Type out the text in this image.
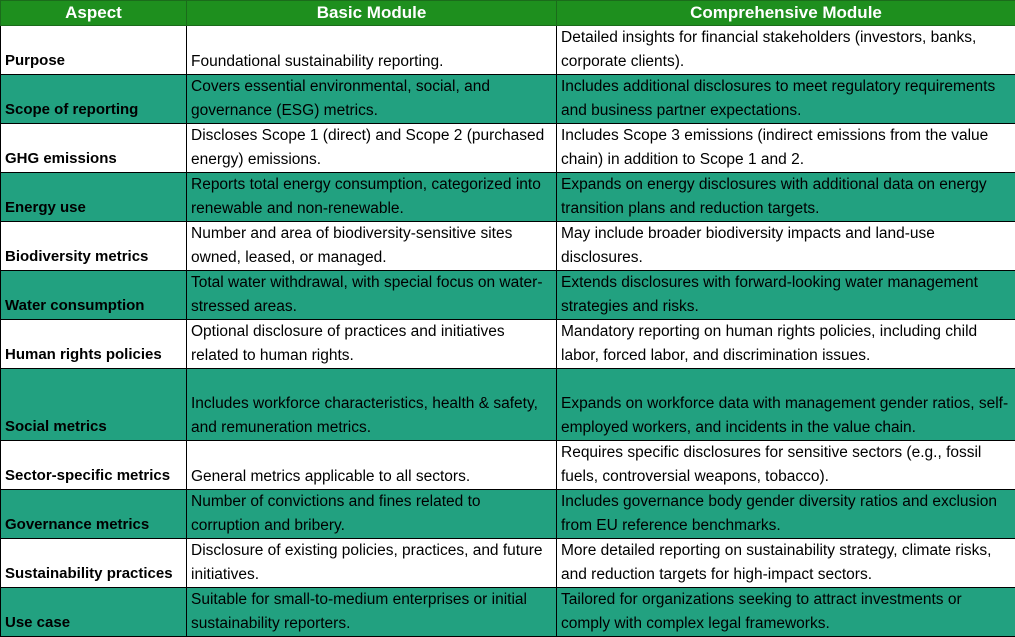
Aspect	Basic Module	Comprehensive Module
Purpose	Foundational sustainability reporting.	Detailed insights for financial stakeholders (investors, banks, corporate clients).
Scope of reporting	Covers essential environmental, social, and governance (ESG) metrics.	Includes additional disclosures to meet regulatory requirements and business partner expectations.
GHG emissions	Discloses Scope 1 (direct) and Scope 2 (purchased energy) emissions.	Includes Scope 3 emissions (indirect emissions from the value chain) in addition to Scope 1 and 2.
Energy use	Reports total energy consumption, categorized into renewable and non-renewable.	Expands on energy disclosures with additional data on energy transition plans and reduction targets.
Biodiversity metrics	Number and area of biodiversity-sensitive sites owned, leased, or managed.	May include broader biodiversity impacts and land-use disclosures.
Water consumption	Total water withdrawal, with special focus on water-stressed areas.	Extends disclosures with forward-looking water management strategies and risks.
Human rights policies	Optional disclosure of practices and initiatives related to human rights.	Mandatory reporting on human rights policies, including child labor, forced labor, and discrimination issues.
Social metrics	Includes workforce characteristics, health & safety, and remuneration metrics.	Expands on workforce data with management gender ratios, self-employed workers, and incidents in the value chain.
Sector-specific metrics	General metrics applicable to all sectors.	Requires specific disclosures for sensitive sectors (e.g., fossil fuels, controversial weapons, tobacco).
Governance metrics	Number of convictions and fines related to corruption and bribery.	Includes governance body gender diversity ratios and exclusion from EU reference benchmarks.
Sustainability practices	Disclosure of existing policies, practices, and future initiatives.	More detailed reporting on sustainability strategy, climate risks, and reduction targets for high-impact sectors.
Use case	Suitable for small-to-medium enterprises or initial sustainability reporters.	Tailored for organizations seeking to attract investments or comply with complex legal frameworks.
